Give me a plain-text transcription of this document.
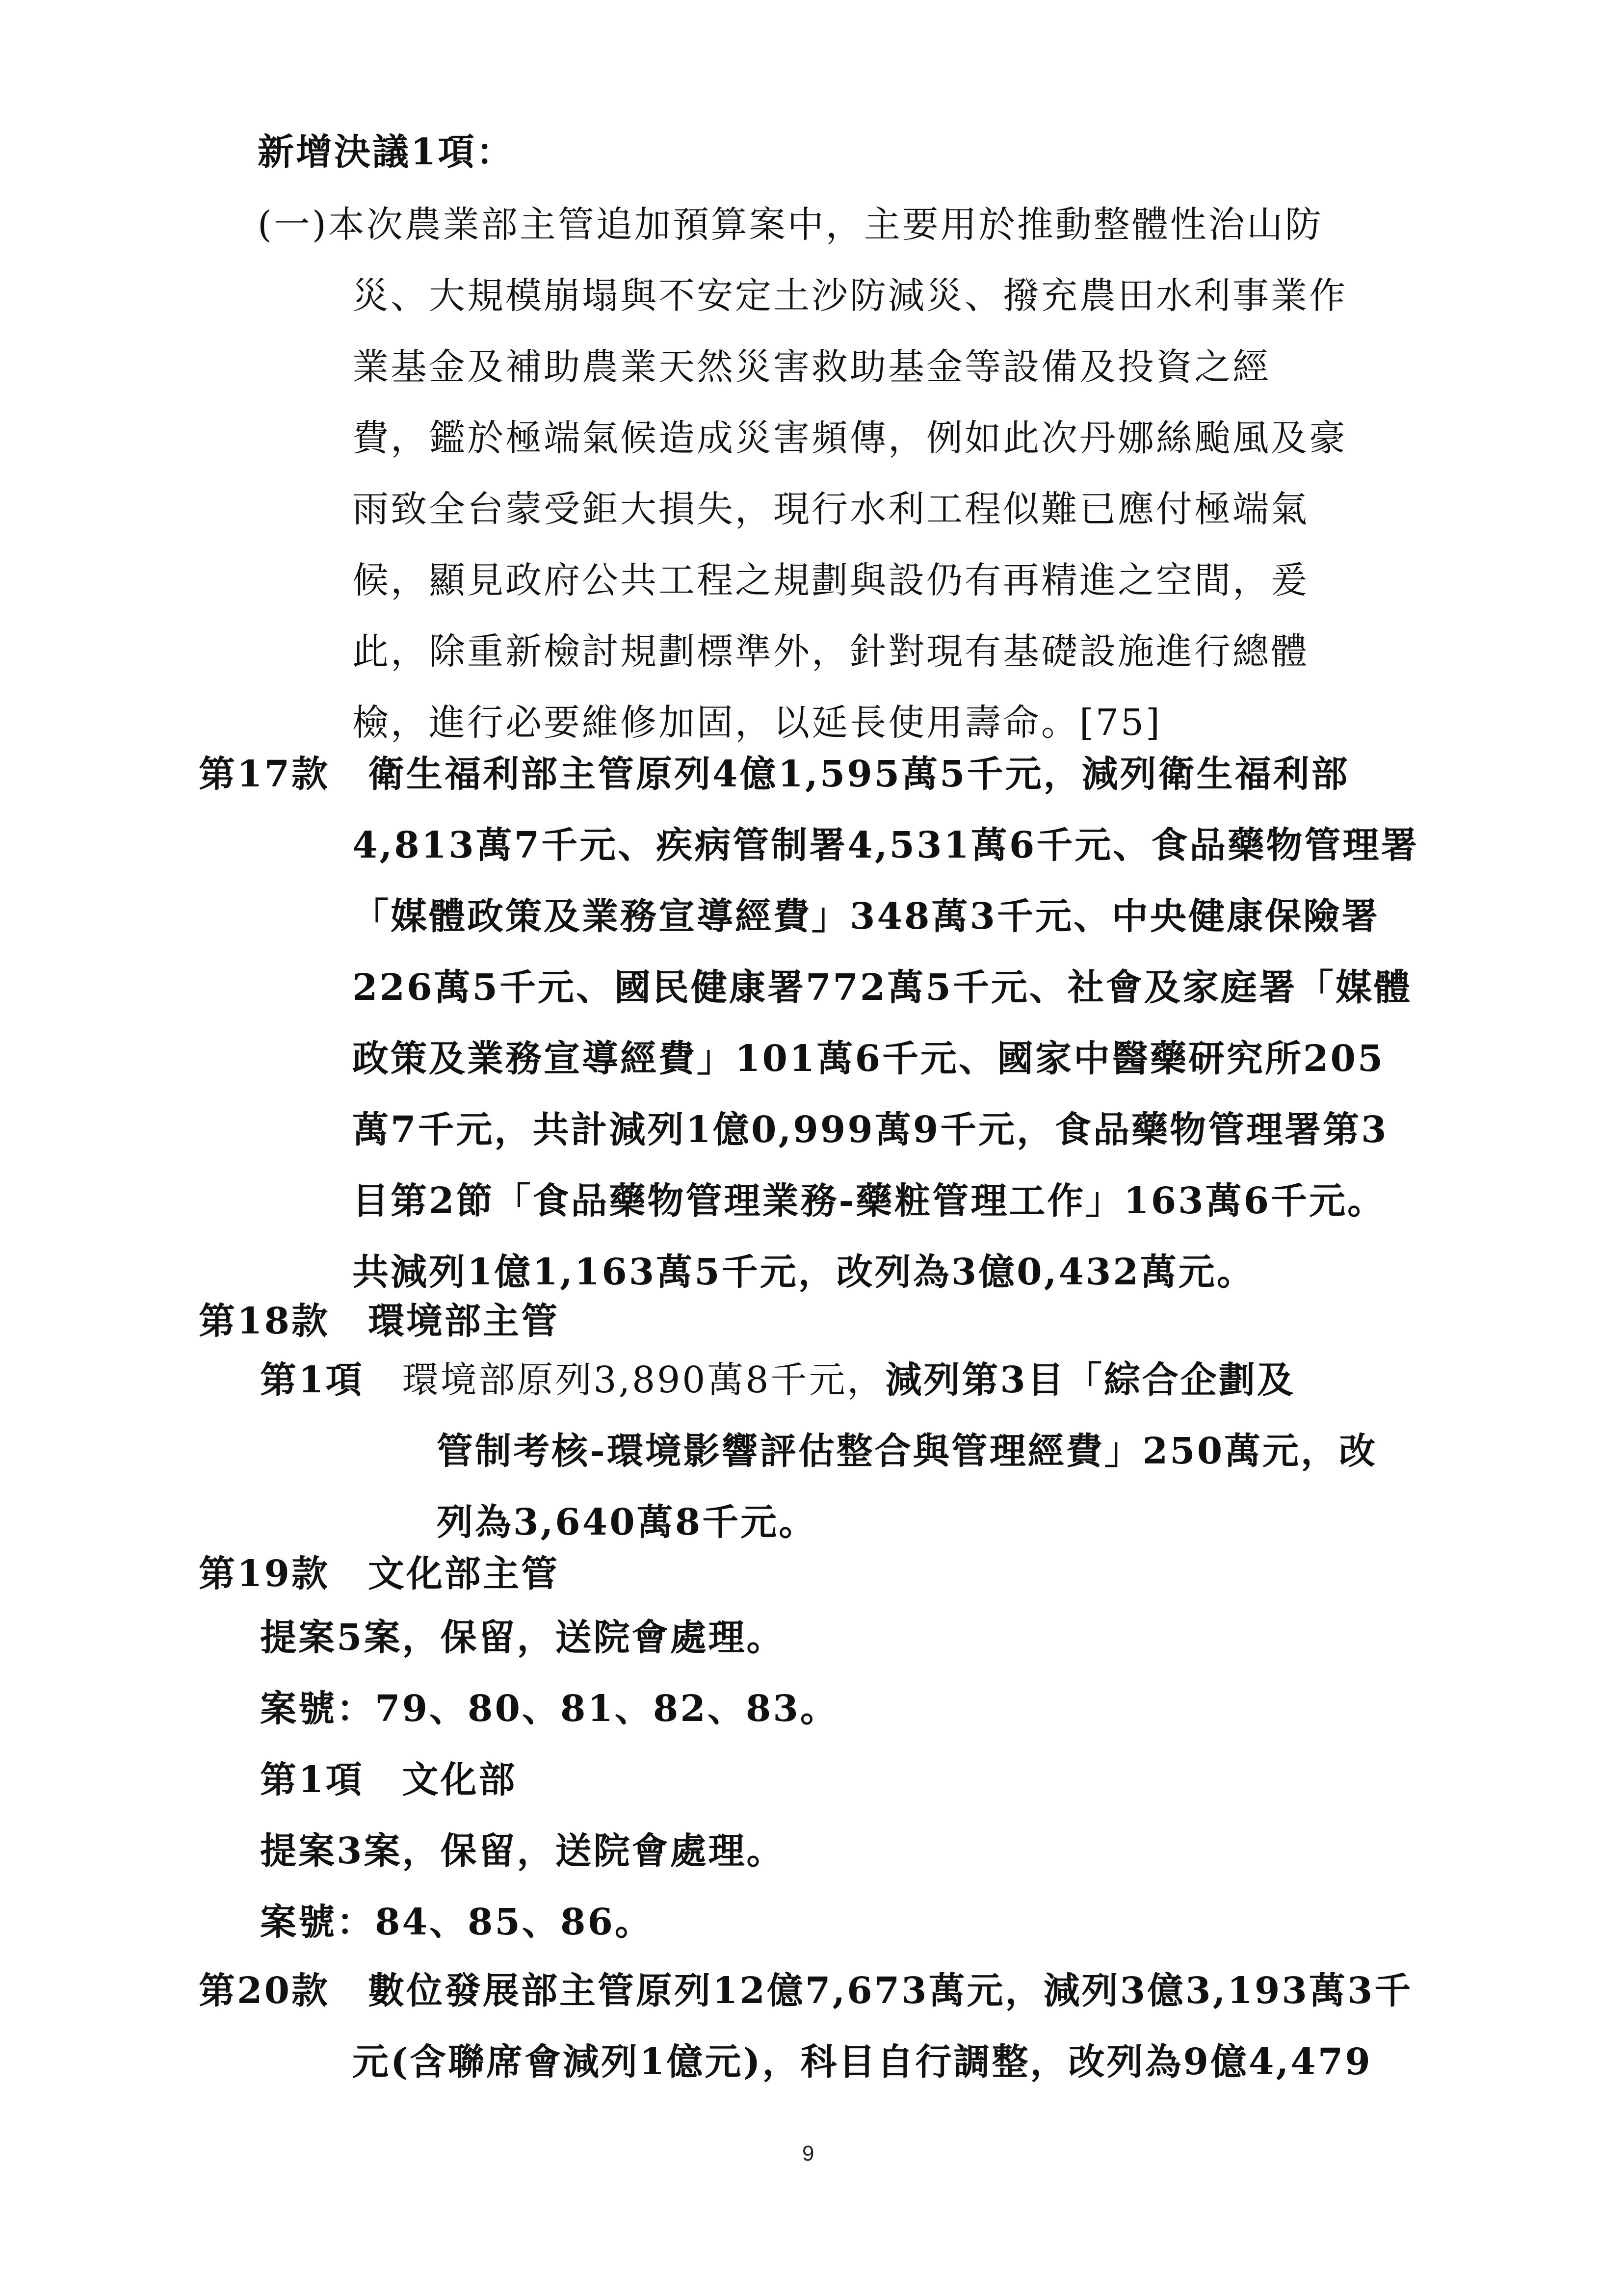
新增決議1項：
(一)本次農業部主管追加預算案中，主要用於推動整體性治山防
災、大規模崩塌與不安定土沙防減災、撥充農田水利事業作
業基金及補助農業天然災害救助基金等設備及投資之經
費，鑑於極端氣候造成災害頻傳，例如此次丹娜絲颱風及豪
雨致全台蒙受鉅大損失，現行水利工程似難已應付極端氣
候，顯見政府公共工程之規劃與設仍有再精進之空間，爰
此，除重新檢討規劃標準外，針對現有基礎設施進行總體
檢，進行必要維修加固，以延長使用壽命。[75]
第17款　衛生福利部主管原列4億1,595萬5千元，減列衛生福利部
4,813萬7千元、疾病管制署4,531萬6千元、食品藥物管理署
「媒體政策及業務宣導經費」348萬3千元、中央健康保險署
226萬5千元、國民健康署772萬5千元、社會及家庭署「媒體
政策及業務宣導經費」101萬6千元、國家中醫藥研究所205
萬7千元，共計減列1億0,999萬9千元，食品藥物管理署第3
目第2節「食品藥物管理業務-藥粧管理工作」163萬6千元。
共減列1億1,163萬5千元，改列為3億0,432萬元。
第18款　環境部主管
第1項　環境部原列3,890萬8千元，減列第3目「綜合企劃及
管制考核-環境影響評估整合與管理經費」250萬元，改
列為3,640萬8千元。
第19款　文化部主管
提案5案，保留，送院會處理。
案號：79、80、81、82、83。
第1項　文化部
提案3案，保留，送院會處理。
案號：84、85、86。
第20款　數位發展部主管原列12億7,673萬元，減列3億3,193萬3千
元(含聯席會減列1億元)，科目自行調整，改列為9億4,479
9
